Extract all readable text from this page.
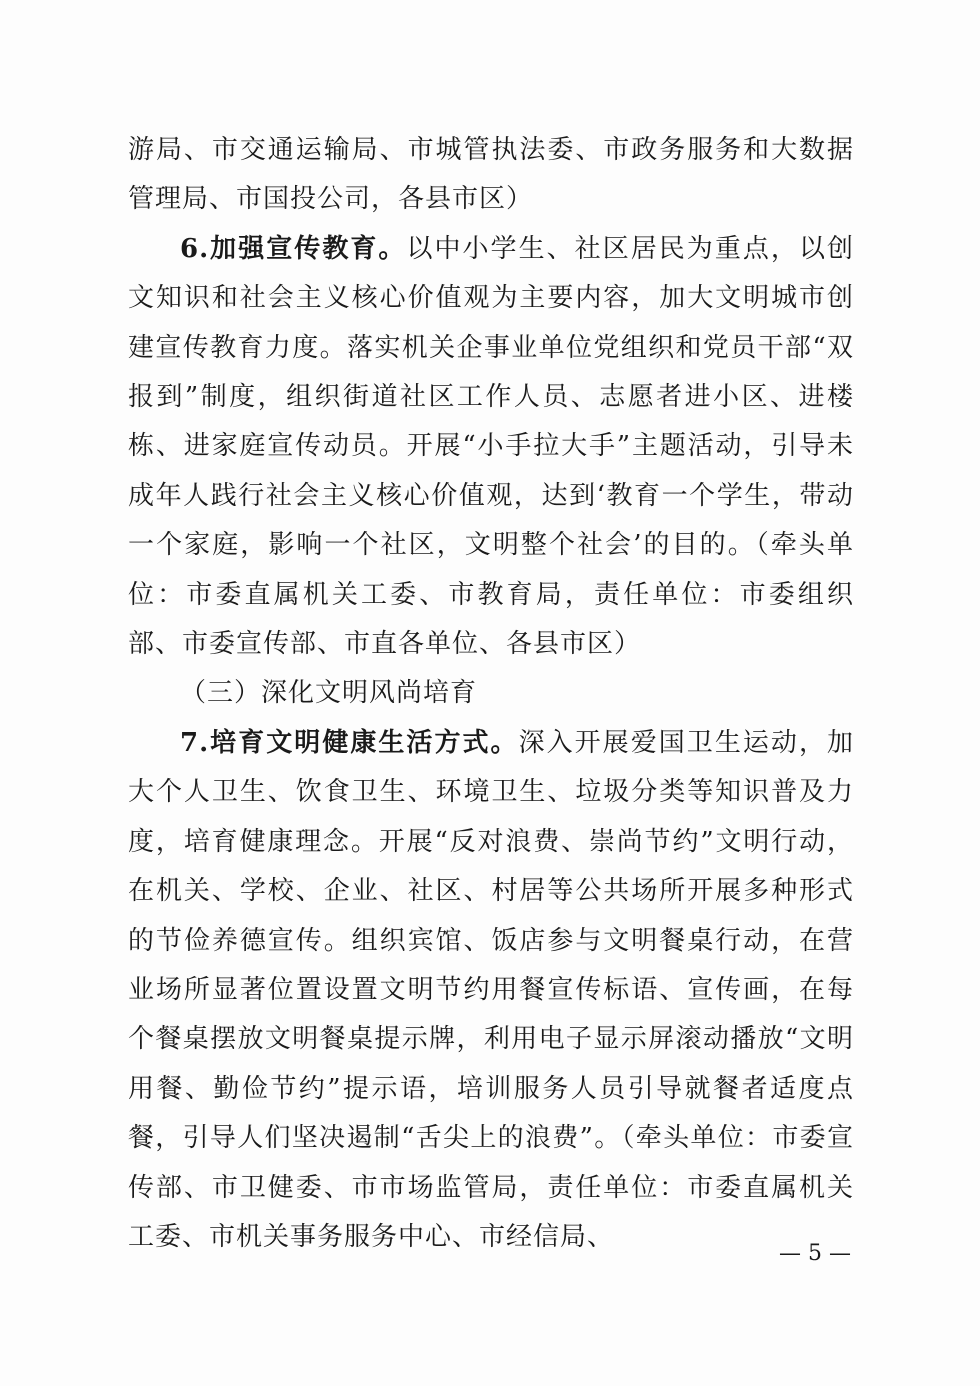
游局、市交通运输局、市城管执法委、市政务服务和大数据管理局、市国投公司，各县市区）

6.加强宣传教育。以中小学生、社区居民为重点，以创文知识和社会主义核心价值观为主要内容，加大文明城市创建宣传教育力度。落实机关企事业单位党组织和党员干部“双报到”制度，组织街道社区工作人员、志愿者进小区、进楼栋、进家庭宣传动员。开展“小手拉大手”主题活动，引导未成年人践行社会主义核心价值观，达到‘教育一个学生，带动一个家庭，影响一个社区，文明整个社会’的目的。（牵头单位：市委直属机关工委、市教育局，责任单位：市委组织部、市委宣传部、市直各单位、各县市区）

（三）深化文明风尚培育

7.培育文明健康生活方式。深入开展爱国卫生运动，加大个人卫生、饮食卫生、环境卫生、垃圾分类等知识普及力度，培育健康理念。开展“反对浪费、崇尚节约”文明行动，在机关、学校、企业、社区、村居等公共场所开展多种形式的节俭养德宣传。组织宾馆、饭店参与文明餐桌行动，在营业场所显著位置设置文明节约用餐宣传标语、宣传画，在每个餐桌摆放文明餐桌提示牌，利用电子显示屏滚动播放“文明用餐、勤俭节约”提示语，培训服务人员引导就餐者适度点餐，引导人们坚决遏制“舌尖上的浪费”。（牵头单位：市委宣传部、市卫健委、市市场监管局，责任单位：市委直属机关工委、市机关事务服务中心、市经信局、

— 5 —
